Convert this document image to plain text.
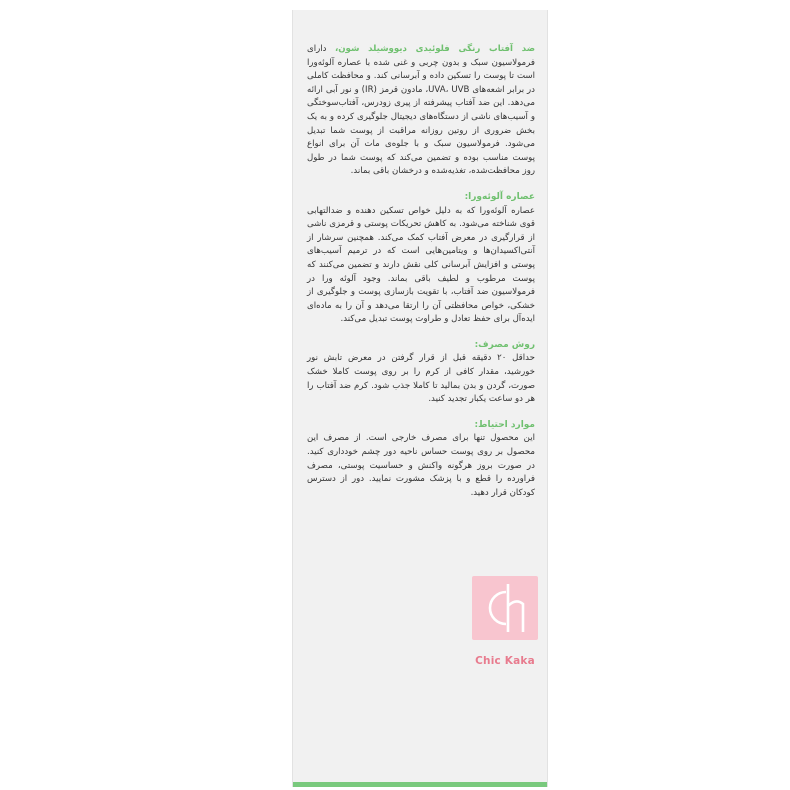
ضد آفتاب رنگی فلوئیدی دیووشیلد شون، دارای فرمولاسیون سبک و بدون چربی و غنی شده با عصاره آلوئه‌ورا است تا پوست را تسکین داده و آبرسانی کند. و محافظت کاملی در برابر اشعه‌های UVA، UVB، مادون قرمز (IR) و نور آبی ارائه می‌دهد. این ضد آفتاب پیشرفته از پیری زودرس، آفتاب‌سوختگی و آسیب‌های ناشی از دستگاه‌های دیجیتال جلوگیری کرده و به یک بخش ضروری از روتین روزانه مراقبت از پوست شما تبدیل می‌شود. فرمولاسیون سبک و با جلوه‌ی مات آن برای انواع پوست مناسب بوده و تضمین می‌کند که پوست شما در طول روز محافظت‌شده، تغذیه‌شده و درخشان باقی بماند.

عصاره آلوئه‌ورا:

عصاره آلوئه‌ورا که به دلیل خواص تسکین دهنده و ضدالتهابی قوی شناخته می‌شود. به کاهش تحریکات پوستی و قرمزی ناشی از قرارگیری در معرض آفتاب کمک می‌کند. همچنین سرشار از آنتی‌اکسیدان‌ها و ویتامین‌هایی است که در ترمیم آسیب‌های پوستی و افزایش آبرسانی کلی نقش دارند و تضمین می‌کنند که پوست مرطوب و لطیف باقی بماند. وجود آلوئه ورا در فرمولاسیون ضد آفتاب، با تقویت بازسازی پوست و جلوگیری از خشکی، خواص محافظتی آن را ارتقا می‌دهد و آن را به ماده‌ای ایده‌آل برای حفظ تعادل و طراوت پوست تبدیل می‌کند.

روش مصرف:

حداقل ۲۰ دقیقه قبل از قرار گرفتن در معرض تابش نور خورشید، مقدار کافی از کرم را بر روی پوست کاملا خشک صورت، گردن و بدن بمالید تا کاملا جذب شود. کرم ضد آفتاب را هر دو ساعت یکبار تجدید کنید.

موارد احتیاط:

این محصول تنها برای مصرف خارجی است. از مصرف این محصول بر روی پوست حساس ناحیه دور چشم خودداری کنید. در صورت بروز هرگونه واکنش و حساسیت پوستی، مصرف فراورده را قطع و با پزشک مشورت نمایید. دور از دسترس کودکان قرار دهید.

Chic Kaka
